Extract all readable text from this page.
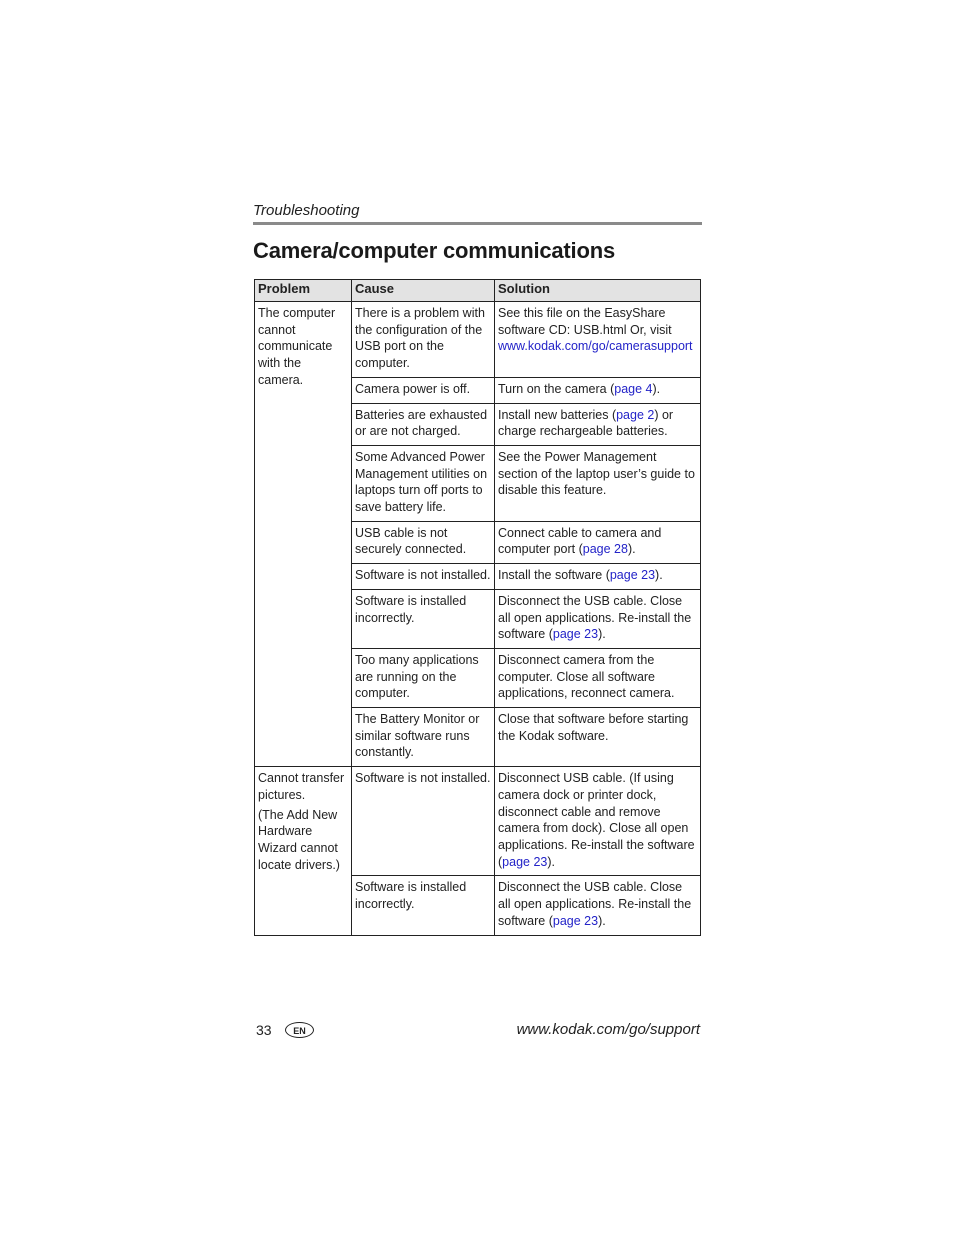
Troubleshooting
Camera/computer communications
Problem	Cause	Solution
The computer cannot communicate with the camera.	There is a problem with the configuration of the USB port on the computer.	See this file on the EasyShare software CD: USB.html Or, visit www.kodak.com/go/camerasupport
	Camera power is off.	Turn on the camera (page 4).
	Batteries are exhausted or are not charged.	Install new batteries (page 2) or charge rechargeable batteries.
	Some Advanced Power Management utilities on laptops turn off ports to save battery life.	See the Power Management section of the laptop user’s guide to disable this feature.
	USB cable is not securely connected.	Connect cable to camera and computer port (page 28).
	Software is not installed.	Install the software (page 23).
	Software is installed incorrectly.	Disconnect the USB cable. Close all open applications. Re-install the software (page 23).
	Too many applications are running on the computer.	Disconnect camera from the computer. Close all software applications, reconnect camera.
	The Battery Monitor or similar software runs constantly.	Close that software before starting the Kodak software.
Cannot transfer pictures.
(The Add New Hardware Wizard cannot locate drivers.)	Software is not installed.	Disconnect USB cable. (If using camera dock or printer dock, disconnect cable and remove camera from dock). Close all open applications. Re-install the software (page 23).
	Software is installed incorrectly.	Disconnect the USB cable. Close all open applications. Re-install the software (page 23).
33	EN	www.kodak.com/go/support
